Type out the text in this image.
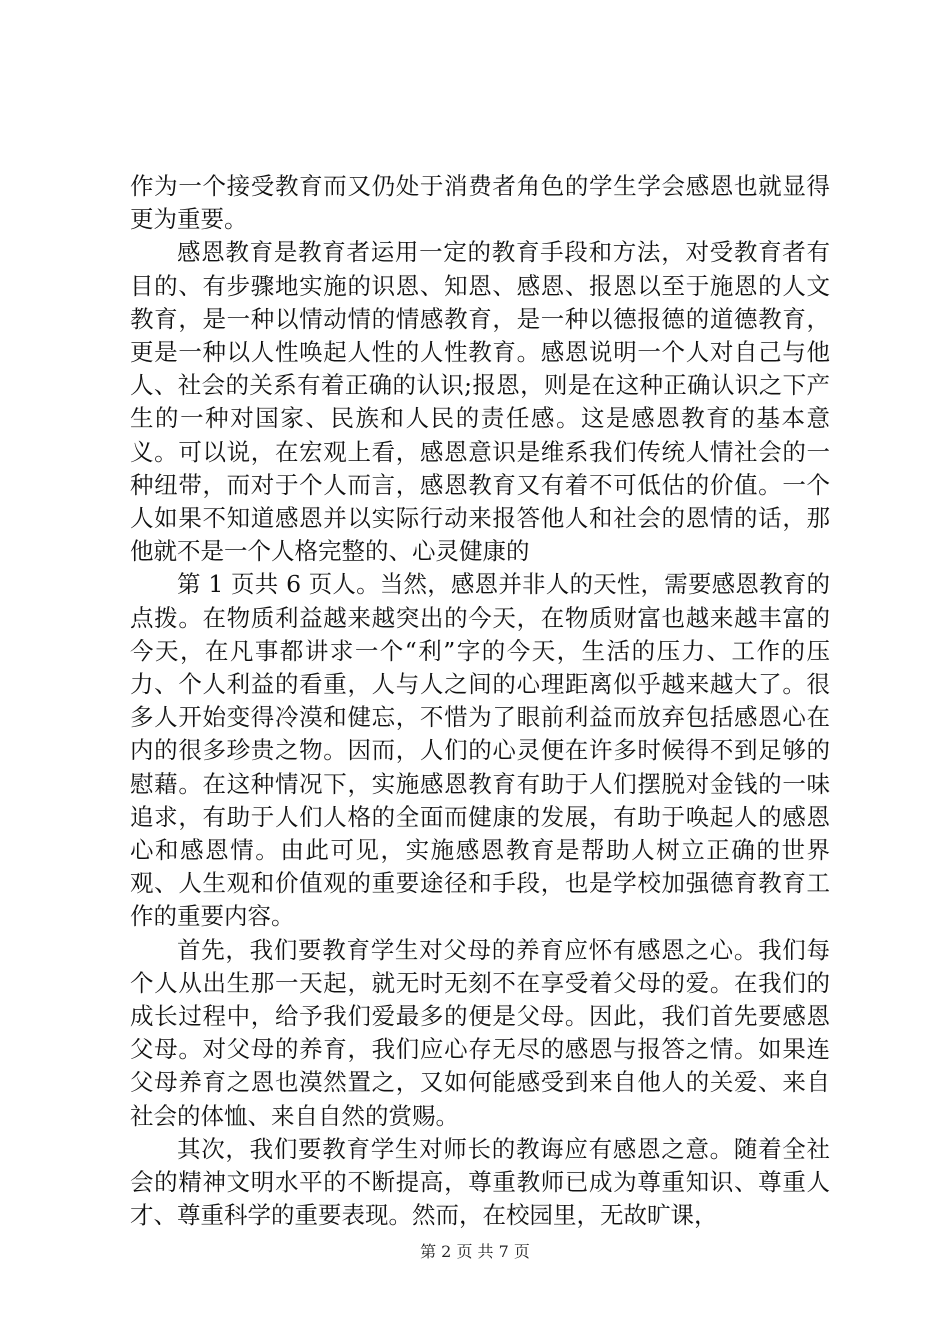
作为一个接受教育而又仍处于消费者角色的学生学会感恩也就显得更为重要。

感恩教育是教育者运用一定的教育手段和方法，对受教育者有目的、有步骤地实施的识恩、知恩、感恩、报恩以至于施恩的人文教育，是一种以情动情的情感教育，是一种以德报德的道德教育，更是一种以人性唤起人性的人性教育。感恩说明一个人对自己与他人、社会的关系有着正确的认识;报恩，则是在这种正确认识之下产生的一种对国家、民族和人民的责任感。这是感恩教育的基本意义。可以说，在宏观上看，感恩意识是维系我们传统人情社会的一种纽带，而对于个人而言，感恩教育又有着不可低估的价值。一个人如果不知道感恩并以实际行动来报答他人和社会的恩情的话，那他就不是一个人格完整的、心灵健康的

第 1 页共 6 页人。当然，感恩并非人的天性，需要感恩教育的点拨。在物质利益越来越突出的今天，在物质财富也越来越丰富的今天，在凡事都讲求一个“利”字的今天，生活的压力、工作的压力、个人利益的看重，人与人之间的心理距离似乎越来越大了。很多人开始变得冷漠和健忘，不惜为了眼前利益而放弃包括感恩心在内的很多珍贵之物。因而，人们的心灵便在许多时候得不到足够的慰藉。在这种情况下，实施感恩教育有助于人们摆脱对金钱的一味追求，有助于人们人格的全面而健康的发展，有助于唤起人的感恩心和感恩情。由此可见，实施感恩教育是帮助人树立正确的世界观、人生观和价值观的重要途径和手段，也是学校加强德育教育工作的重要内容。

首先，我们要教育学生对父母的养育应怀有感恩之心。我们每个人从出生那一天起，就无时无刻不在享受着父母的爱。在我们的成长过程中，给予我们爱最多的便是父母。因此，我们首先要感恩父母。对父母的养育，我们应心存无尽的感恩与报答之情。如果连父母养育之恩也漠然置之，又如何能感受到来自他人的关爱、来自社会的体恤、来自自然的赏赐。

其次，我们要教育学生对师长的教诲应有感恩之意。随着全社会的精神文明水平的不断提高，尊重教师已成为尊重知识、尊重人才、尊重科学的重要表现。然而，在校园里，无故旷课，

第 2 页 共 7 页
